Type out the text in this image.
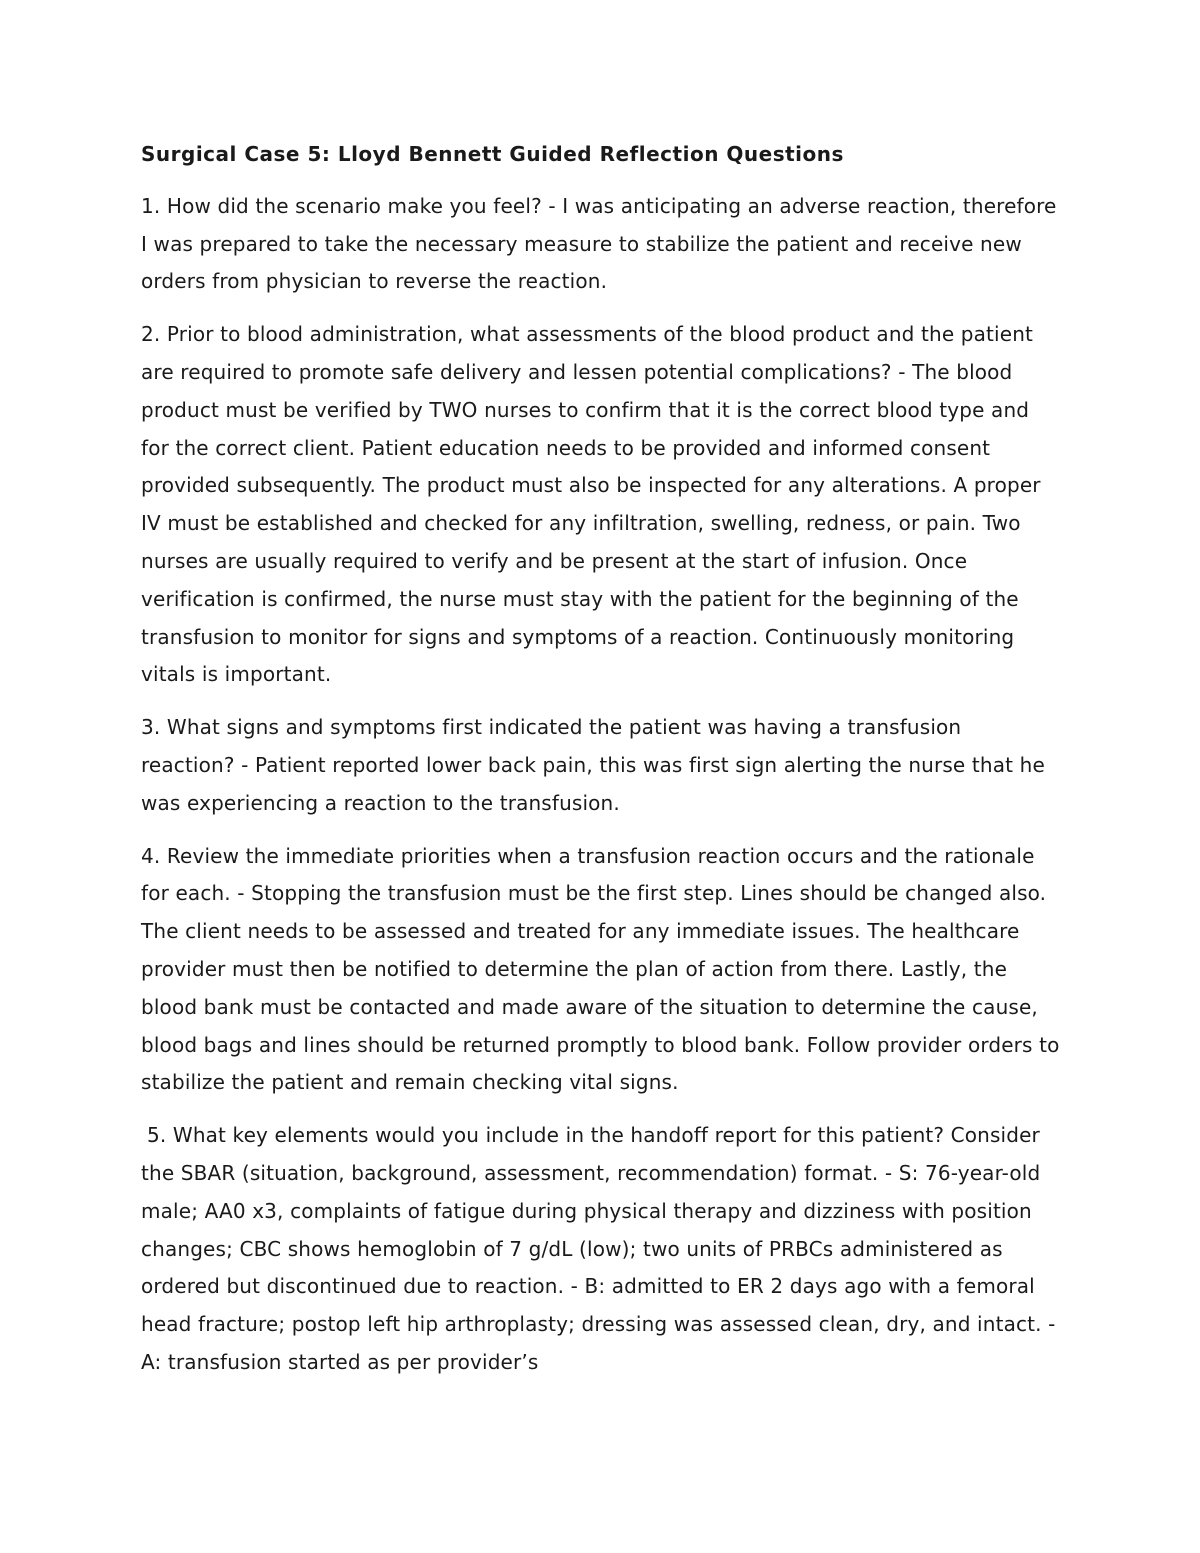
Surgical Case 5: Lloyd Bennett Guided Reflection Questions

1. How did the scenario make you feel? - I was anticipating an adverse reaction, therefore I was prepared to take the necessary measure to stabilize the patient and receive new orders from physician to reverse the reaction.

2. Prior to blood administration, what assessments of the blood product and the patient are required to promote safe delivery and lessen potential complications? - The blood product must be verified by TWO nurses to confirm that it is the correct blood type and for the correct client. Patient education needs to be provided and informed consent provided subsequently. The product must also be inspected for any alterations. A proper IV must be established and checked for any infiltration, swelling, redness, or pain. Two nurses are usually required to verify and be present at the start of infusion. Once verification is confirmed, the nurse must stay with the patient for the beginning of the transfusion to monitor for signs and symptoms of a reaction. Continuously monitoring vitals is important.

3. What signs and symptoms first indicated the patient was having a transfusion reaction? - Patient reported lower back pain, this was first sign alerting the nurse that he was experiencing a reaction to the transfusion.

4. Review the immediate priorities when a transfusion reaction occurs and the rationale for each. - Stopping the transfusion must be the first step. Lines should be changed also. The client needs to be assessed and treated for any immediate issues. The healthcare provider must then be notified to determine the plan of action from there. Lastly, the blood bank must be contacted and made aware of the situation to determine the cause, blood bags and lines should be returned promptly to blood bank. Follow provider orders to stabilize the patient and remain checking vital signs.

5. What key elements would you include in the handoff report for this patient? Consider the SBAR (situation, background, assessment, recommendation) format. - S: 76-year-old male; AA0 x3, complaints of fatigue during physical therapy and dizziness with position changes; CBC shows hemoglobin of 7 g/dL (low); two units of PRBCs administered as ordered but discontinued due to reaction. - B: admitted to ER 2 days ago with a femoral head fracture; postop left hip arthroplasty; dressing was assessed clean, dry, and intact. - A: transfusion started as per provider’s
